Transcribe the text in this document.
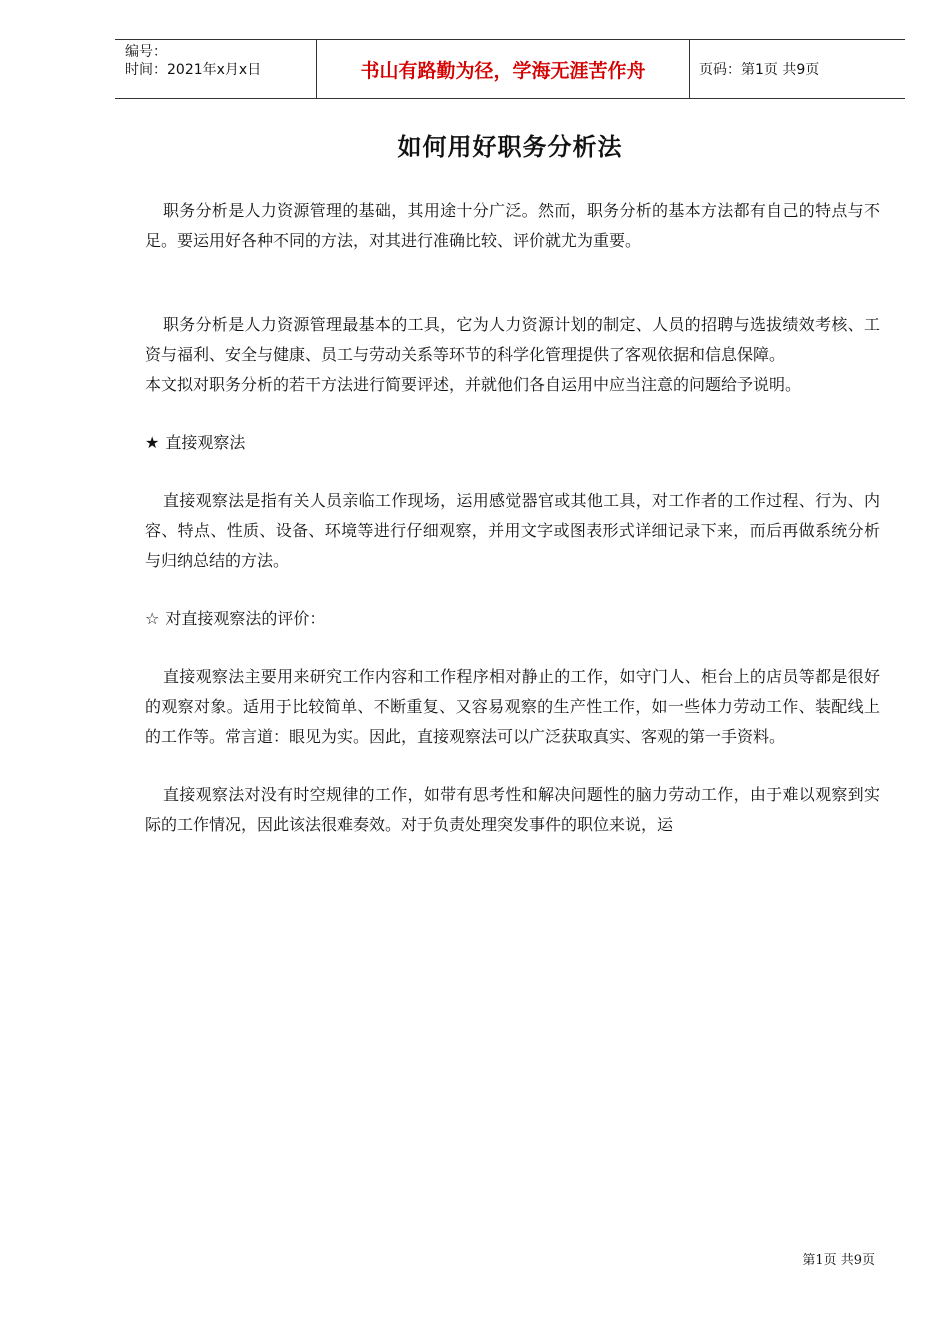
编号：
时间：2021年x月x日	书山有路勤为径，学海无涯苦作舟	页码：第1页 共9页
如何用好职务分析法

职务分析是人力资源管理的基础，其用途十分广泛。然而，职务分析的基本方法都有自己的特点与不足。要运用好各种不同的方法，对其进行准确比较、评价就尤为重要。

职务分析是人力资源管理最基本的工具，它为人力资源计划的制定、人员的招聘与选拔绩效考核、工资与福利、安全与健康、员工与劳动关系等环节的科学化管理提供了客观依据和信息保障。

本文拟对职务分析的若干方法进行简要评述，并就他们各自运用中应当注意的问题给予说明。

★ 直接观察法

直接观察法是指有关人员亲临工作现场，运用感觉器官或其他工具，对工作者的工作过程、行为、内容、特点、性质、设备、环境等进行仔细观察，并用文字或图表形式详细记录下来，而后再做系统分析与归纳总结的方法。

☆ 对直接观察法的评价：

直接观察法主要用来研究工作内容和工作程序相对静止的工作，如守门人、柜台上的店员等都是很好的观察对象。适用于比较简单、不断重复、又容易观察的生产性工作，如一些体力劳动工作、装配线上的工作等。常言道：眼见为实。因此，直接观察法可以广泛获取真实、客观的第一手资料。

直接观察法对没有时空规律的工作，如带有思考性和解决问题性的脑力劳动工作，由于难以观察到实际的工作情况，因此该法很难奏效。对于负责处理突发事件的职位来说，运

第1页 共9页
